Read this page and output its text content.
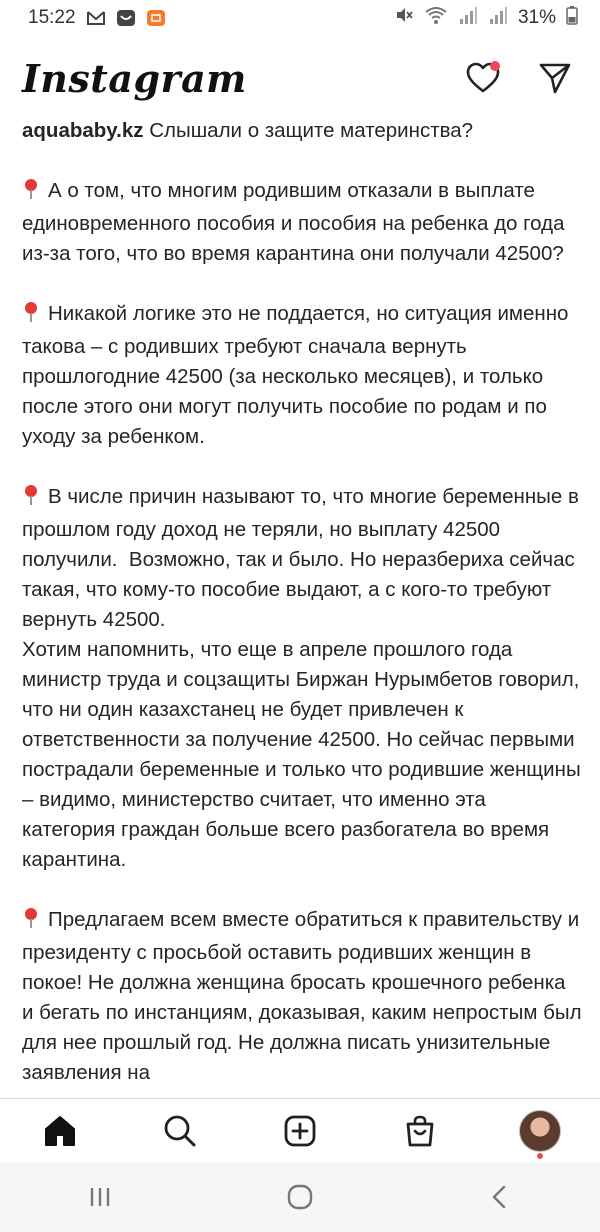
15:22	31%
Instagram

aquababy.kz Слышали о защите материнства?

А о том, что многим родившим отказали в выплате единовременного пособия и пособия на ребенка до года из-за того, что во время карантина они получали 42500?

Никакой логике это не поддается, но ситуация именно такова – с родивших требуют сначала вернуть прошлогодние 42500 (за несколько месяцев), и только после этого они могут получить пособие по родам и по уходу за ребенком.

В числе причин называют то, что многие беременные в прошлом году доход не теряли, но выплату 42500 получили.  Возможно, так и было. Но неразбериха сейчас такая, что кому-то пособие выдают, а с кого-то требуют вернуть 42500.

Хотим напомнить, что еще в апреле прошлого года министр труда и соцзащиты Биржан Нурымбетов говорил, что ни один казахстанец не будет привлечен к ответственности за получение 42500. Но сейчас первыми пострадали беременные и только что родившие женщины – видимо, министерство считает, что именно эта категория граждан больше всего разбогатела во время карантина.

Предлагаем всем вместе обратиться к правительству и президенту с просьбой оставить родивших женщин в покое! Не должна женщина бросать крошечного ребенка и бегать по инстанциям, доказывая, каким непростым был для нее прошлый год. Не должна писать унизительные заявления на
